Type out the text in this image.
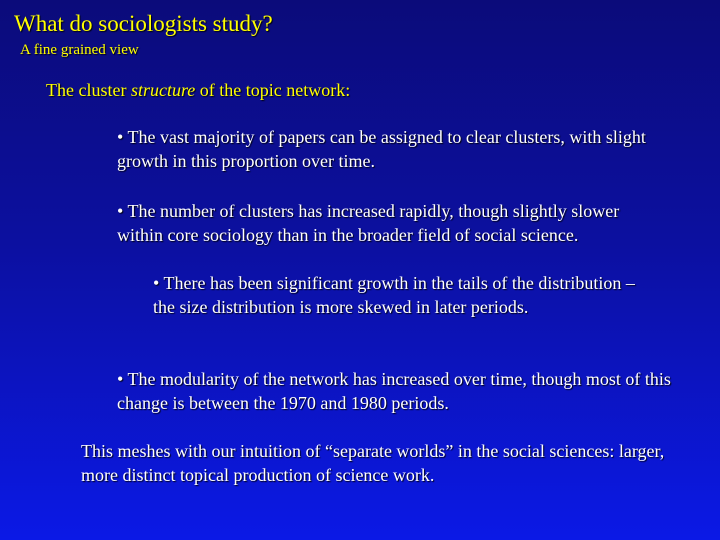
What do sociologists study?
A fine grained view
The cluster structure of the topic network:
• The vast majority of papers can be assigned to clear clusters, with slight growth in this proportion over time.
• The number of clusters has increased rapidly, though slightly slower within core sociology than in the broader field of social science.
• There has been significant growth in the tails of the distribution – the size distribution is more skewed in later periods.
• The modularity of the network has increased over time, though most of this change is between the 1970 and 1980 periods.
This meshes with our intuition of “separate worlds” in the social sciences: larger, more distinct topical production of science work.
